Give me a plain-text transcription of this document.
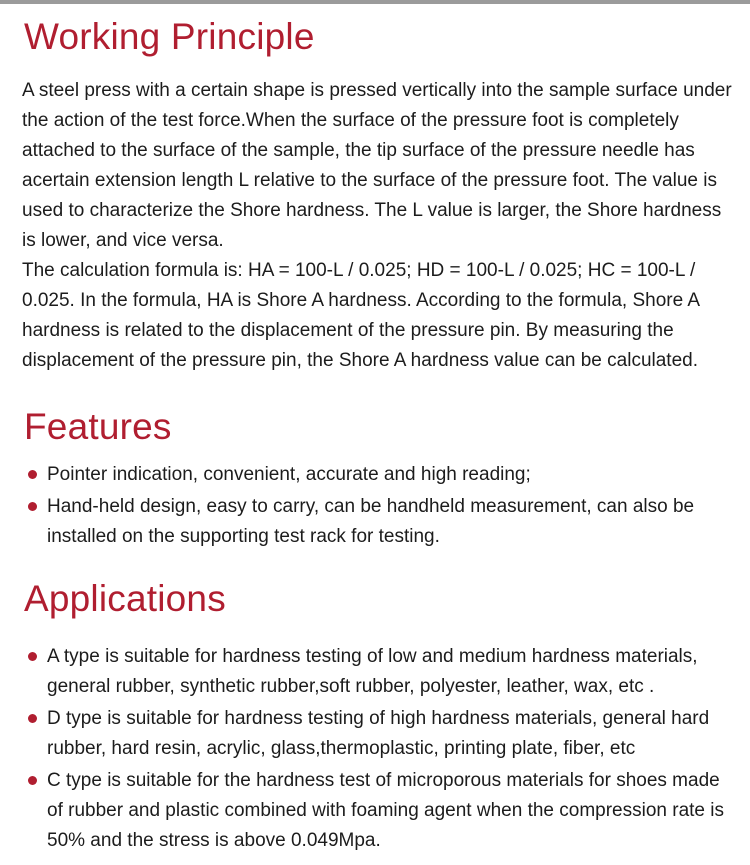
Working Principle

A steel press with a certain shape is pressed vertically into the sample surface under the action of the test force.When the surface of the pressure foot is completely attached to the surface of the sample, the tip surface of the pressure needle has acertain extension length L relative to the surface of the pressure foot. The value is used to characterize the Shore hardness. The L value is larger, the Shore hardness is lower, and vice versa.

The calculation formula is: HA = 100-L / 0.025; HD = 100-L / 0.025; HC = 100-L / 0.025. In the formula, HA is Shore A hardness. According to the formula, Shore A hardness is related to the displacement of the pressure pin. By measuring the displacement of the pressure pin, the Shore A hardness value can be calculated.

Features
Pointer indication, convenient, accurate and high reading;
Hand-held design, easy to carry, can be handheld measurement, can also be installed on the supporting test rack for testing.
Applications
A type is suitable for hardness testing of low and medium hardness materials, general rubber, synthetic rubber,soft rubber, polyester, leather, wax, etc .
D type is suitable for hardness testing of high hardness materials, general hard rubber, hard resin, acrylic, glass,thermoplastic, printing plate, fiber, etc
C type is suitable for the hardness test of microporous materials for shoes made of rubber and plastic combined with foaming agent when the compression rate is 50% and the stress is above 0.049Mpa.
